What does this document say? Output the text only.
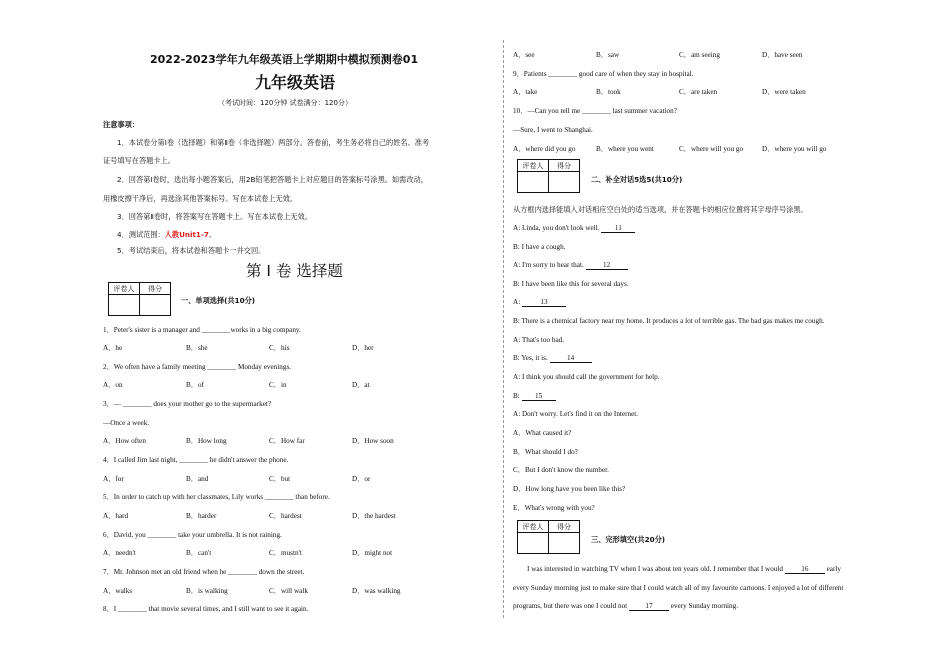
2022-2023学年九年级英语上学期期中模拟预测卷01
九年级英语
（考试时间：120分钟 试卷满分：120分）
注意事项：
1．本试卷分第Ⅰ卷（选择题）和第Ⅱ卷（非选择题）两部分。答卷前，考生务必将自己的姓名、准考
证号填写在答题卡上。
2．回答第Ⅰ卷时，选出每小题答案后，用2B铅笔把答题卡上对应题目的答案标号涂黑。如需改动，
用橡皮擦干净后，再选涂其他答案标号。写在本试卷上无效。
3．回答第Ⅱ卷时，将答案写在答题卡上。写在本试卷上无效。
4．测试范围：人教Unit1-7。
5．考试结束后，将本试卷和答题卡一并交回。
第 I 卷 选择题
评卷人	得分

一、单项选择(共10分)
1．Peter's sister is a manager and ________works in a big company.
A．he	B．she	C．his	D．her
2．We often have a family meeting ________ Monday evenings.
A．on	B．of	C．in	D．at
3．— ________ does your mother go to the supermarket?
—Once a week.
A．How often	B．How long	C．How far	D．How soon
4．I called Jim last night, ________ he didn't answer the phone.
A．for	B．and	C．but	D．or
5．In order to catch up with her classmates, Lily works ________ than before.
A．hard	B．harder	C．hardest	D．the hardest
6．David, you ________ take your umbrella. It is not raining.
A．needn't	B．can't	C．mustn't	D．might not
7．Mr. Johnson met an old friend when he ________ down the street.
A．walks	B．is walking	C．will walk	D．was walking
8．I ________ that movie several times, and I still want to see it again.
A．see	B．saw	C．am seeing	D．have seen
9．Patients ________ good care of when they stay in hospital.
A．take	B．took	C．are taken	D．were taken
10．—Can you tell me ________ last summer vacation?
—Sure, I went to Shanghai.
A．where did you go	B．where you went	C．where will you go	D．where you will go
评卷人	得分

二、补全对话5选5(共10分)
从方框内选择能填入对话相应空白处的适当选项，并在答题卡的相应位置将其字母序号涂黑。
A: Linda, you don't look well. 11
B: I have a cough.
A: I'm sorry to hear that. 12
B: I have been like this for several days.
A:	13
B: There is a chemical factory near my home. It produces a lot of terrible gas. The bad gas makes me cough.
A: That's too bad.
B: Yes, it is. 14
A: I think you should call the government for help.
B: 15
A: Don't worry. Let's find it on the Internet.
A．What caused it?
B．What should I do?
C．But I don't know the number.
D．How long have you been like this?
E．What's wrong with you?
评卷人	得分

三、完形填空(共20分)
I was interested in watching TV when I was about ten years old. I remember that I would 16 early
every Sunday morning just to make sure that I could watch all of my favourite cartoons. I enjoyed a lot of different
programs, but there was one I could not 17 every Sunday morning.
